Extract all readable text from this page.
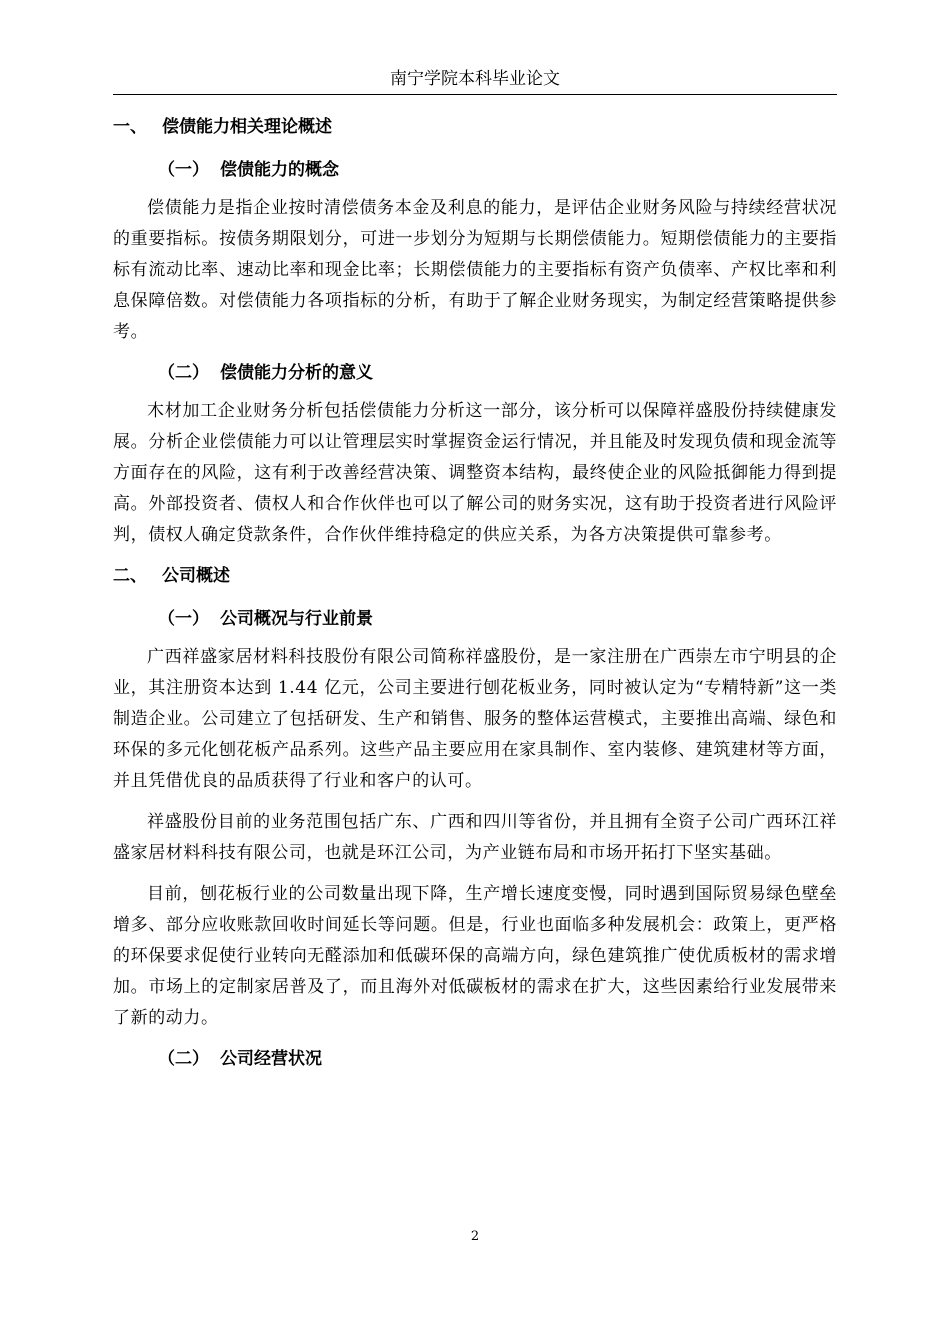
南宁学院本科毕业论文
一、 偿债能力相关理论概述
（一） 偿债能力的概念

偿债能力是指企业按时清偿债务本金及利息的能力，是评估企业财务风险与持续经营状况的重要指标。按债务期限划分，可进一步划分为短期与长期偿债能力。短期偿债能力的主要指标有流动比率、速动比率和现金比率；长期偿债能力的主要指标有资产负债率、产权比率和利息保障倍数。对偿债能力各项指标的分析，有助于了解企业财务现实，为制定经营策略提供参考。

（二） 偿债能力分析的意义

木材加工企业财务分析包括偿债能力分析这一部分，该分析可以保障祥盛股份持续健康发展。分析企业偿债能力可以让管理层实时掌握资金运行情况，并且能及时发现负债和现金流等方面存在的风险，这有利于改善经营决策、调整资本结构，最终使企业的风险抵御能力得到提高。外部投资者、债权人和合作伙伴也可以了解公司的财务实况，这有助于投资者进行风险评判，债权人确定贷款条件，合作伙伴维持稳定的供应关系，为各方决策提供可靠参考。

二、 公司概述
（一） 公司概况与行业前景

广西祥盛家居材料科技股份有限公司简称祥盛股份，是一家注册在广西崇左市宁明县的企业，其注册资本达到 1.44 亿元，公司主要进行刨花板业务，同时被认定为“专精特新”这一类制造企业。公司建立了包括研发、生产和销售、服务的整体运营模式，主要推出高端、绿色和环保的多元化刨花板产品系列。这些产品主要应用在家具制作、室内装修、建筑建材等方面，并且凭借优良的品质获得了行业和客户的认可。

祥盛股份目前的业务范围包括广东、广西和四川等省份，并且拥有全资子公司广西环江祥盛家居材料科技有限公司，也就是环江公司，为产业链布局和市场开拓打下坚实基础。

目前，刨花板行业的公司数量出现下降，生产增长速度变慢，同时遇到国际贸易绿色壁垒增多、部分应收账款回收时间延长等问题。但是，行业也面临多种发展机会：政策上，更严格的环保要求促使行业转向无醛添加和低碳环保的高端方向，绿色建筑推广使优质板材的需求增加。市场上的定制家居普及了，而且海外对低碳板材的需求在扩大，这些因素给行业发展带来了新的动力。

（二） 公司经营状况
2
